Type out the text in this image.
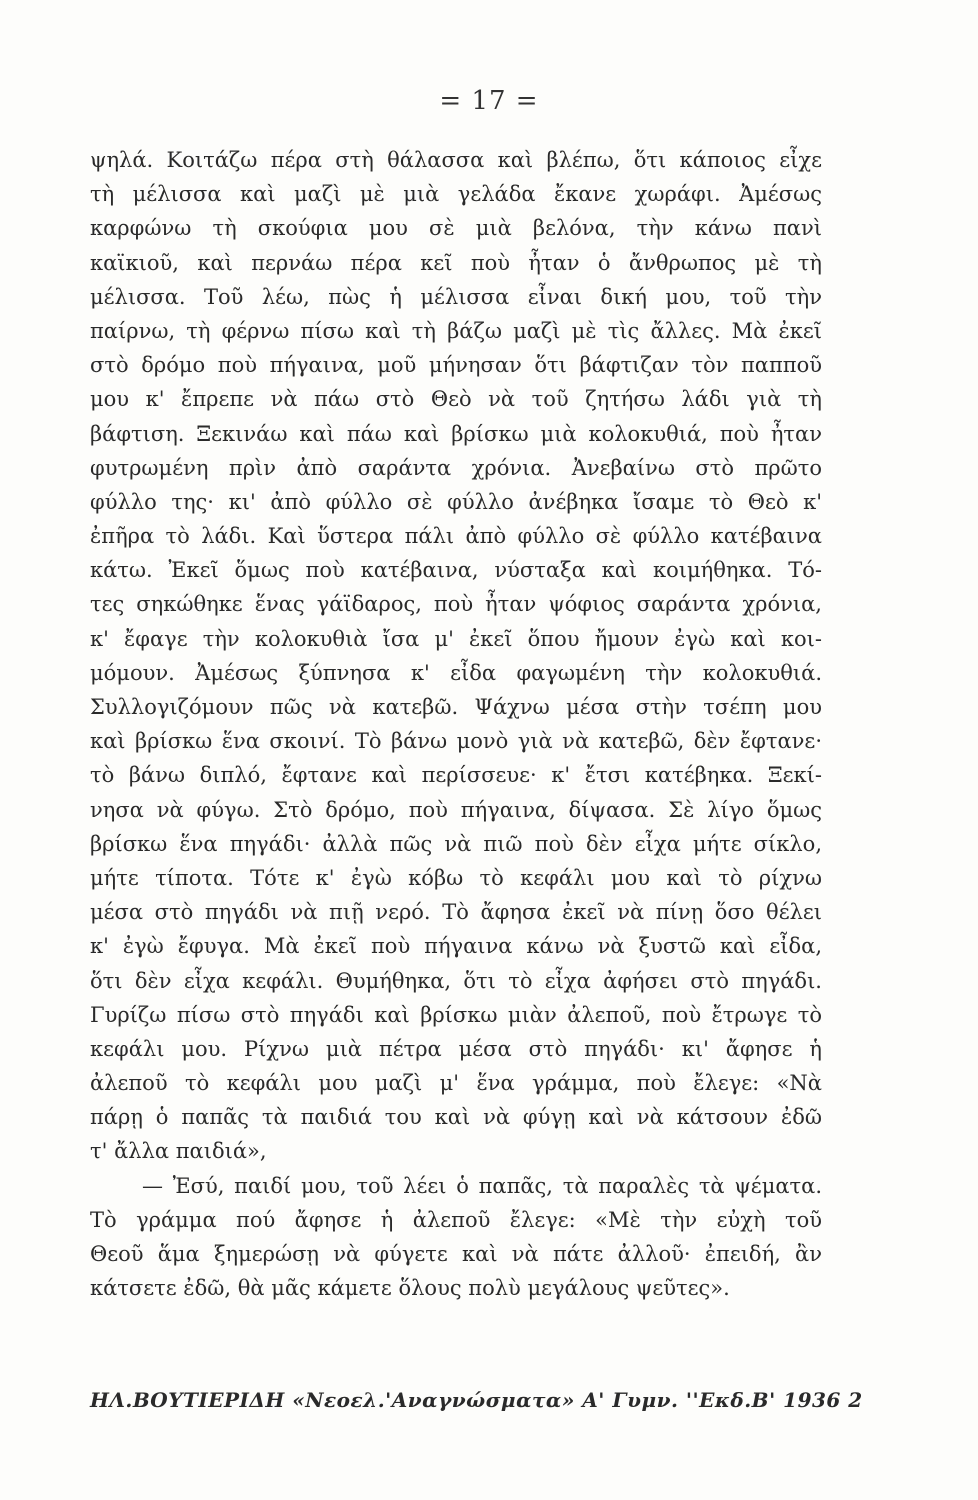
= 17 =
ψηλά. Κοιτάζω πέρα στὴ θάλασσα καὶ βλέπω, ὅτι κάποιος εἶχε
τὴ μέλισσα καὶ μαζὶ μὲ μιὰ γελάδα ἔκανε χωράφι. Ἀμέσως
καρφώνω τὴ σκούφια μου σὲ μιὰ βελόνα, τὴν κάνω πανὶ
καϊκιοῦ, καὶ περνάω πέρα κεῖ ποὺ ἦταν ὁ ἄνθρωπος μὲ τὴ
μέλισσα. Τοῦ λέω, πὼς ἡ μέλισσα εἶναι δική μου, τοῦ τὴν
παίρνω, τὴ φέρνω πίσω καὶ τὴ βάζω μαζὶ μὲ τὶς ἄλλες. Μὰ ἐκεῖ
στὸ δρόμο ποὺ πήγαινα, μοῦ μήνησαν ὅτι βάφτιζαν τὸν παπποῦ
μου κ' ἔπρεπε νὰ πάω στὸ Θεὸ νὰ τοῦ ζητήσω λάδι γιὰ τὴ
βάφτιση. Ξεκινάω καὶ πάω καὶ βρίσκω μιὰ κολοκυθιά, ποὺ ἦταν
φυτρωμένη πρὶν ἀπὸ σαράντα χρόνια. Ἀνεβαίνω στὸ πρῶτο
φύλλο της· κι' ἀπὸ φύλλο σὲ φύλλο ἀνέβηκα ἴσαμε τὸ Θεὸ κ'
ἐπῆρα τὸ λάδι. Καὶ ὕστερα πάλι ἀπὸ φύλλο σὲ φύλλο κατέβαινα
κάτω. Ἐκεῖ ὅμως ποὺ κατέβαινα, νύσταξα καὶ κοιμήθηκα. Τό-
τες σηκώθηκε ἕνας γάϊδαρος, ποὺ ἦταν ψόφιος σαράντα χρόνια,
κ' ἔφαγε τὴν κολοκυθιὰ ἴσα μ' ἐκεῖ ὅπου ἤμουν ἐγὼ καὶ κοι-
μόμουν. Ἀμέσως ξύπνησα κ' εἶδα φαγωμένη τὴν κολοκυθιά.
Συλλογιζόμουν πῶς νὰ κατεβῶ. Ψάχνω μέσα στὴν τσέπη μου
καὶ βρίσκω ἕνα σκοινί. Τὸ βάνω μονὸ γιὰ νὰ κατεβῶ, δὲν ἔφτανε·
τὸ βάνω διπλό, ἔφτανε καὶ περίσσευε· κ' ἔτσι κατέβηκα. Ξεκί-
νησα νὰ φύγω. Στὸ δρόμο, ποὺ πήγαινα, δίψασα. Σὲ λίγο ὅμως
βρίσκω ἕνα πηγάδι· ἀλλὰ πῶς νὰ πιῶ ποὺ δὲν εἶχα μήτε σίκλο,
μήτε τίποτα. Τότε κ' ἐγὼ κόβω τὸ κεφάλι μου καὶ τὸ ρίχνω
μέσα στὸ πηγάδι νὰ πιῇ νερό. Τὸ ἄφησα ἐκεῖ νὰ πίνῃ ὅσο θέλει
κ' ἐγὼ ἔφυγα. Μὰ ἐκεῖ ποὺ πήγαινα κάνω νὰ ξυστῶ καὶ εἶδα,
ὅτι δὲν εἶχα κεφάλι. Θυμήθηκα, ὅτι τὸ εἶχα ἀφήσει στὸ πηγάδι.
Γυρίζω πίσω στὸ πηγάδι καὶ βρίσκω μιὰν ἀλεποῦ, ποὺ ἔτρωγε τὸ
κεφάλι μου. Ρίχνω μιὰ πέτρα μέσα στὸ πηγάδι· κι' ἄφησε ἡ
ἀλεποῦ τὸ κεφάλι μου μαζὶ μ' ἕνα γράμμα, ποὺ ἔλεγε: «Νὰ
πάρῃ ὁ παπᾶς τὰ παιδιά του καὶ νὰ φύγῃ καὶ νὰ κάτσουν ἐδῶ
τ' ἄλλα παιδιά»,
— Ἐσύ, παιδί μου, τοῦ λέει ὁ παπᾶς, τὰ παραλὲς τὰ ψέματα.
Τὸ γράμμα πού ἄφησε ἡ ἀλεποῦ ἔλεγε: «Μὲ τὴν εὐχὴ τοῦ
Θεοῦ ἅμα ξημερώσῃ νὰ φύγετε καὶ νὰ πάτε ἀλλοῦ· ἐπειδή, ἂν
κάτσετε ἐδῶ, θὰ μᾶς κάμετε ὅλους πολὺ μεγάλους ψεῦτες».
ΗΛ.ΒΟΥΤΙΕΡΙΔΗ «Νεοελ.'Αναγνώσματα» Α' Γυμν. ''Εκδ.Β' 1936 2
